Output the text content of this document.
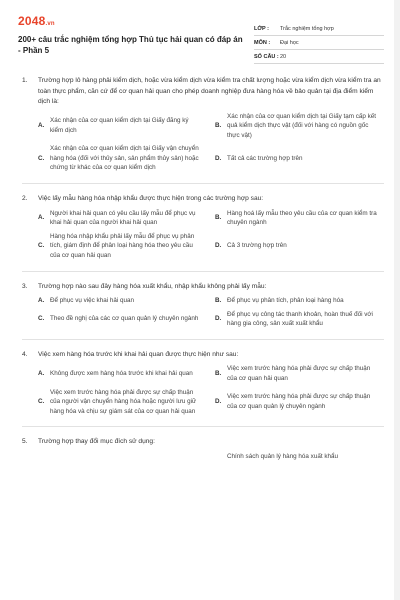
2048.vn
200+ câu trắc nghiệm tổng hợp Thủ tục hải quan có đáp án - Phần 5
LỚP :	Trắc nghiệm tổng hợp
MÔN :	Đại học
SỐ CÂU : 20
1.	Trường hợp lô hàng phải kiểm dịch, hoặc vừa kiểm dịch vừa kiểm tra chất lượng hoặc vừa kiểm dịch vừa kiểm tra an toàn thực phẩm, căn cứ để cơ quan hải quan cho phép doanh nghiệp đưa hàng hóa về bảo quản tại địa điểm kiểm dịch là:
A.
Xác nhận của cơ quan kiểm dịch tại Giấy đăng ký kiểm dịch
B.
Xác nhận của cơ quan kiểm dịch tại Giấy tạm cấp kết quả kiểm dịch thực vật (đối với hàng có nguồn gốc thực vật)
C.
Xác nhận của cơ quan kiểm dịch tại Giấy vận chuyển hàng hóa (đối với thủy sản, sản phẩm thủy sản) hoặc chứng từ khác của cơ quan kiểm dịch
D. Tất cả các trường hợp trên
2.	Việc lấy mẫu hàng hóa nhập khẩu được thực hiện trong các trường hợp sau:
A.
Người khai hải quan có yêu cầu lấy mẫu để phục vụ khai hải quan của người khai hải quan
B.
Hàng hoá lấy mẫu theo yêu cầu của cơ quan kiểm tra chuyên ngành
C.
Hàng hóa nhập khẩu phải lấy mẫu để phục vụ phân tích, giám định để phân loại hàng hóa theo yêu cầu của cơ quan hải quan
D. Cả 3 trường hợp trên
3.	Trường hợp nào sau đây hàng hóa xuất khẩu, nhập khẩu không phải lấy mẫu:
A. Để phục vụ việc khai hải quan	B. Để phục vụ phân tích, phân loại hàng hóa
C. Theo đề nghị của các cơ quan quản lý chuyên ngành	D.
Để phục vụ công tác thanh khoản, hoàn thuế đối với hàng gia công, sản xuất xuất khẩu
4.	Việc xem hàng hóa trước khi khai hải quan được thực hiện như sau:
A. Không được xem hàng hóa trước khi khai hải quan	B.
Việc xem trước hàng hóa phải được sự chấp thuận của cơ quan hải quan
C.
Việc xem trước hàng hóa phải được sự chấp thuận của người vận chuyển hàng hóa hoặc người lưu giữ hàng hóa và chịu sự giám sát của cơ quan hải quan
D.
Việc xem trước hàng hóa phải được sự chấp thuận của cơ quan quản lý chuyên ngành
5.	Trường hợp thay đổi mục đích sử dụng:
Chính sách quản lý hàng hóa xuất khẩu
